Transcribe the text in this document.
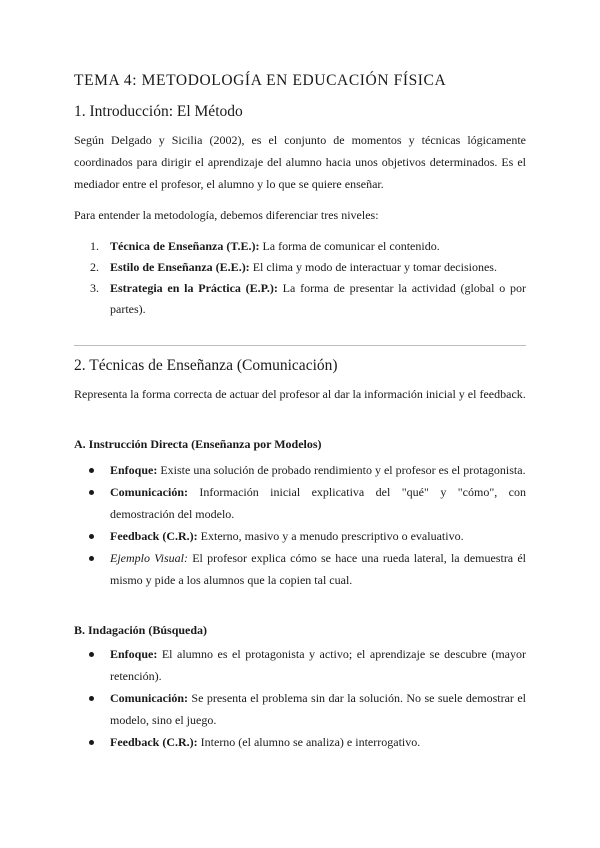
TEMA 4: METODOLOGÍA EN EDUCACIÓN FÍSICA
1. Introducción: El Método

Según Delgado y Sicilia (2002), es el conjunto de momentos y técnicas lógicamente coordinados para dirigir el aprendizaje del alumno hacia unos objetivos determinados. Es el mediador entre el profesor, el alumno y lo que se quiere enseñar.

Para entender la metodología, debemos diferenciar tres niveles:

1. Técnica de Enseñanza (T.E.): La forma de comunicar el contenido.
2. Estilo de Enseñanza (E.E.): El clima y modo de interactuar y tomar decisiones.
3. Estrategia en la Práctica (E.P.): La forma de presentar la actividad (global o por partes).
2. Técnicas de Enseñanza (Comunicación)

Representa la forma correcta de actuar del profesor al dar la información inicial y el feedback.

A. Instrucción Directa (Enseñanza por Modelos)
Enfoque: Existe una solución de probado rendimiento y el profesor es el protagonista.
Comunicación: Información inicial explicativa del "qué" y "cómo", con demostración del modelo.
Feedback (C.R.): Externo, masivo y a menudo prescriptivo o evaluativo.
Ejemplo Visual: El profesor explica cómo se hace una rueda lateral, la demuestra él mismo y pide a los alumnos que la copien tal cual.
B. Indagación (Búsqueda)
Enfoque: El alumno es el protagonista y activo; el aprendizaje se descubre (mayor retención).
Comunicación: Se presenta el problema sin dar la solución. No se suele demostrar el modelo, sino el juego.
Feedback (C.R.): Interno (el alumno se analiza) e interrogativo.
